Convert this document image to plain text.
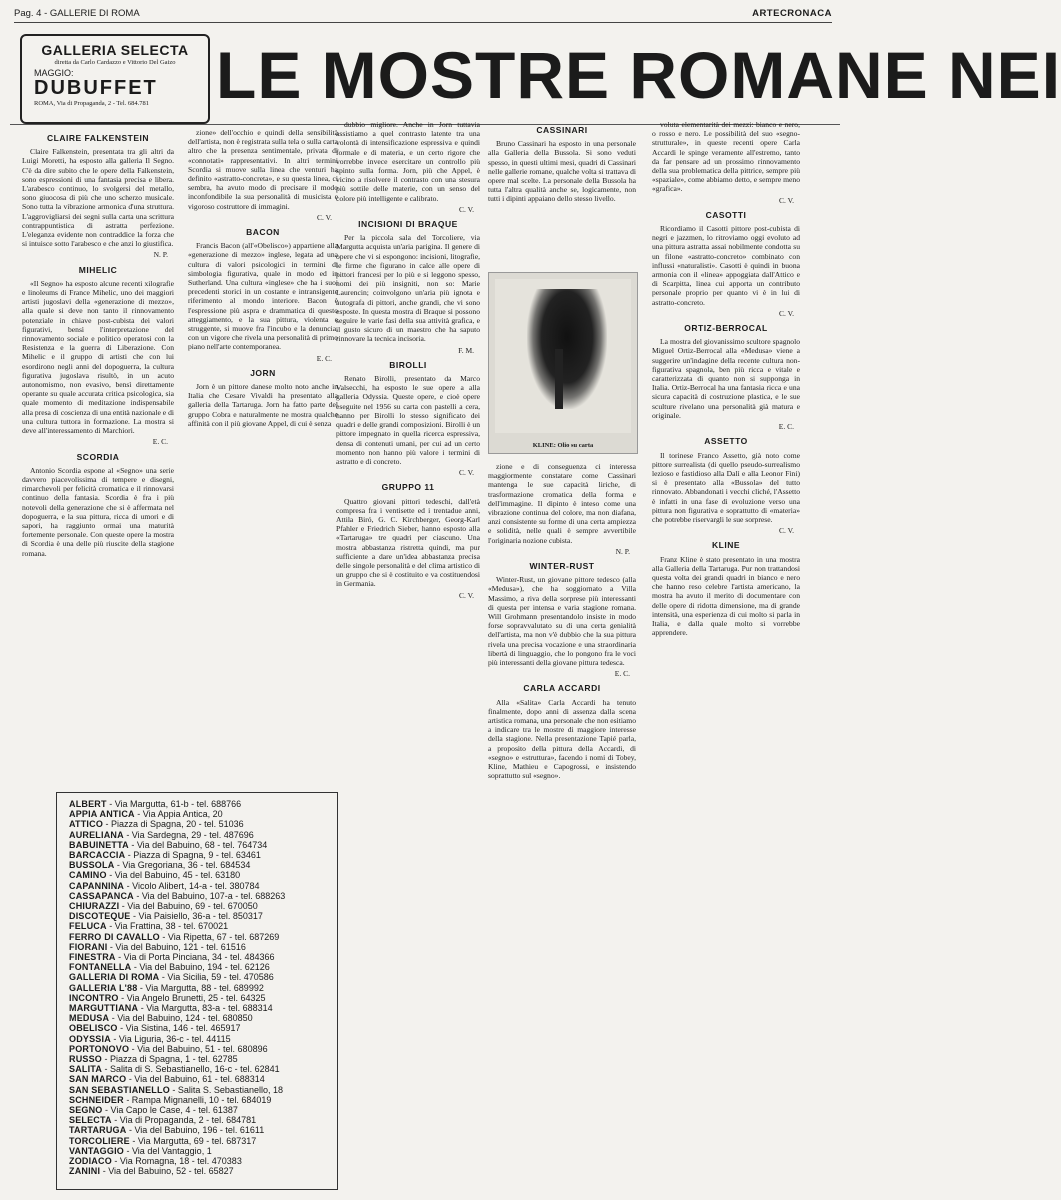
Pag. 4 - GALLERIE DI ROMA	ARTECRONACA
GALLERIA SELECTA
diretta da Carlo Cardazzo e Vittorio Del Gaizo
MAGGIO:
DUBUFFET
ROMA, Via di Propaganda, 2 - Tel. 684.781	LE MOSTRE ROMANE NEI
CLAIRE FALKENSTEIN

Claire Falkenstein, presentata tra gli altri da Luigi Moretti, ha esposto alla galleria Il Segno. C'è da dire subito che le opere della Falkenstein, sono espressioni di una fantasia precisa e libera. L'arabesco continuo, lo svolgersi del metallo, sono giuocosa di più che uno scherzo musicale. Sono tutta la vibrazione armonica d'una struttura. L'aggrovigliarsi dei segni sulla carta una scrittura contrappuntistica di astratta perfezione. L'eleganza evidente non contraddice la forza che si intuisce sotto l'arabesco e che anzi lo giustifica.

N. P.
MIHELIC

«Il Segno» ha esposto alcune recenti xilografie e linoleums di France Mihelic, uno dei maggiori artisti jugoslavi della «generazione di mezzo», alla quale si deve non tanto il rinnovamento potenziale in chiave post-cubista dei valori figurativi, bensì l'interpretazione del rinnovamento sociale e politico operatosi con la Resistenza e la guerra di Liberazione. Con Mihelic e il gruppo di artisti che con lui esordirono negli anni del dopoguerra, la cultura figurativa jugoslava risultò, in un acuto autonomismo, non evasivo, bensì direttamente operante su quale accurata critica psicologica, sia quale momento di meditazione indispensabile alla presa di coscienza di una entità nazionale e di una cultura tuttora in formazione. La mostra si deve all'interessamento di Marchiori.

E. C.
SCORDIA

Antonio Scordia espone al «Segno» una serie davvero piacevolissima di tempere e disegni, rimarchevoli per felicità cromatica e il rinnovarsi continuo della fantasia. Scordia è fra i più notevoli della generazione che si è affermata nel dopoguerra, e la sua pittura, ricca di umori e di sapori, ha raggiunto ormai una maturità fortemente personale. Con queste opere la mostra di Scordia è una delle più riuscite della stagione romana.

zione» dell'occhio e quindi della sensibilità dell'artista, non è registrata sulla tela o sulla carta altro che la presenza sentimentale, privata di «connotati» rappresentativi. In altri termini Scordia si muove sulla linea che venturi ha definito «astratto-concreta», e su questa linea, ci sembra, ha avuto modo di precisare il modo inconfondibile la sua personalità di musicista e vigoroso costruttore di immagini.

C. V.
BACON

Francis Bacon (all'«Obelisco») appartiene alla «generazione di mezzo» inglese, legata ad una cultura di valori psicologici in termini di simbologia figurativa, quale in modo ed in Sutherland. Una cultura «inglese» che ha i suoi precedenti storici in un costante e intransigente riferimento al mondo interiore. Bacon è l'espressione più aspra e drammatica di questo atteggiamento, e la sua pittura, violenta e struggente, si muove fra l'incubo e la denuncia, con un vigore che rivela una personalità di primo piano nell'arte contemporanea.

E. C.
JORN

Jorn è un pittore danese molto noto anche in Italia che Cesare Vivaldi ha presentato alla galleria della Tartaruga. Jorn ha fatto parte del gruppo Cobra e naturalmente ne mostra qualche affinità con il più giovane Appel, di cui è senza

dubbio migliore. Anche in Jorn tuttavia assistiamo a quel contrasto latente tra una volontà di intensificazione espressiva e quindi formale e di materia, e un certo rigore che vorrebbe invece esercitare un controllo più spinto sulla forma. Jorn, più che Appel, è vicino a risolvere il contrasto con una stesura più sottile delle materie, con un senso del colore più intelligente e calibrato.

C. V.
INCISIONI DI BRAQUE

Per la piccola sala del Torcoliere, via Margutta acquista un'aria parigina. Il genere di opere che vi si espongono: incisioni, litografie, le firme che figurano in calce alle opere di pittori francesi per lo più e si leggono spesso, nomi dei più insigniti, non so: Marie Laurencin; coinvolgono un'aria più ignota e autografa di pittori, anche grandi, che vi sono esposte. In questa mostra di Braque si possono seguire le varie fasi della sua attività grafica, e il gusto sicuro di un maestro che ha saputo rinnovare la tecnica incisoria.

F. M.
BIROLLI

Renato Birolli, presentato da Marco Valsecchi, ha esposto le sue opere a alla galleria Odyssia. Queste opere, e cioè opere eseguite nel 1956 su carta con pastelli a cera, hanno per Birolli lo stesso significato dei quadri e delle grandi composizioni. Birolli è un pittore impegnato in quella ricerca espressiva, densa di contenuti umani, per cui ad un certo momento non hanno più valore i termini di astratto e di concreto.

C. V.
GRUPPO 11

Quattro giovani pittori tedeschi, dall'età compresa fra i ventisette ed i trentadue anni, Attila Biró, G. C. Kirchberger, Georg-Karl Pfahler e Friedrich Sieber, hanno esposto alla «Tartaruga» tre quadri per ciascuno. Una mostra abbastanza ristretta quindi, ma pur sufficiente a dare un'idea abbastanza precisa delle singole personalità e del clima artistico di un gruppo che si è costituito e va costituendosi in Germania.

C. V.
CASSINARI

Bruno Cassinari ha esposto in una personale alla Galleria della Bussola. Si sono veduti spesso, in questi ultimi mesi, quadri di Cassinari nelle gallerie romane, qualche volta si trattava di opere mal scelte. La personale della Bussola ha tutta l'altra qualità anche se, logicamente, non tutti i dipinti appaiano dello stesso livello.

KLINE: Olio su carta

zione e di conseguenza ci interessa maggiormente constatare come Cassinari mantenga le sue capacità liriche, di trasformazione cromatica della forma e dell'immagine. Il dipinto è inteso come una vibrazione continua del colore, ma non diafana, anzi consistente su forme di una certa ampiezza e solidità, nelle quali è sempre avvertibile l'originaria nozione cubista.

N. P.
WINTER-RUST

Winter-Rust, un giovane pittore tedesco (alla «Medusa»), che ha soggiornato a Villa Massimo, a riva della sorprese più interessanti di questa per intensa e varia stagione romana. Will Grohmann presentandolo insiste in modo forse sopravvalutato su di una certa genialità dell'artista, ma non v'è dubbio che la sua pittura rivela una precisa vocazione e una straordinaria libertà di linguaggio, che lo pongono fra le voci più interessanti della giovane pittura tedesca.

E. C.
CARLA ACCARDI

Alla «Salita» Carla Accardi ha tenuto finalmente, dopo anni di assenza dalla scena artistica romana, una personale che non esitiamo a indicare tra le mostre di maggiore interesse della stagione. Nella presentazione Tapié parla, a proposito della pittura della Accardi, di «segno» e «struttura», facendo i nomi di Tobey, Kline, Mathieu e Capogrossi, e insistendo soprattutto sul «segno».

voluta elementarità dei mezzi: bianco e nero, o rosso e nero. Le possibilità del suo «segno-strutturale», in queste recenti opere Carla Accardi le spinge veramente all'estremo, tanto da far pensare ad un prossimo rinnovamento della sua problematica della pittrice, sempre più «spaziale», come abbiamo detto, e sempre meno «grafica».

C. V.
CASOTTI

Ricordiamo il Casotti pittore post-cubista di negri e jazzmen, lo ritroviamo oggi evoluto ad una pittura astratta assai nobilmente condotta su un filone «astratto-concreto» combinato con influssi «naturalisti». Casotti è quindi in buona armonia con il «linea» appoggiata dall'Attico e di Scarpitta, linea cui apporta un contributo personale proprio per quanto vi è in lui di astratto-concreto.

C. V.
ORTIZ-BERROCAL

La mostra del giovanissimo scultore spagnolo Miguel Ortiz-Berrocal alla «Medusa» viene a suggerire un'indagine della recente cultura non-figurativa spagnola, ben più ricca e vitale e caratterizzata di quanto non si supponga in Italia. Ortiz-Berrocal ha una fantasia ricca e una sicura capacità di costruzione plastica, e le sue sculture rivelano una personalità già matura e originale.

E. C.
ASSETTO

Il torinese Franco Assetto, già noto come pittore surrealista (di quello pseudo-surrealismo lezioso e fastidioso alla Dalì e alla Leonor Fini) si è presentato alla «Bussola» del tutto rinnovato. Abbandonati i vecchi cliché, l'Assetto è infatti in una fase di evoluzione verso una pittura non figurativa e soprattutto di «materia» che potrebbe riservargli le sue sorprese.

C. V.
KLINE

Franz Kline è stato presentato in una mostra alla Galleria della Tartaruga. Pur non trattandosi questa volta dei grandi quadri in bianco e nero che hanno reso celebre l'artista americano, la mostra ha avuto il merito di documentare con delle opere di ridotta dimensione, ma di grande intensità, una esperienza di cui molto si parla in Italia, e dalla quale molto si vorrebbe apprendere.

ALBERT - Via Margutta, 61-b - tel. 688766
APPIA ANTICA - Via Appia Antica, 20
ATTICO - Piazza di Spagna, 20 - tel. 51036
AURELIANA - Via Sardegna, 29 - tel. 487696
BABUINETTA - Via del Babuino, 68 - tel. 764734
BARCACCIA - Piazza di Spagna, 9 - tel. 63461
BUSSOLA - Via Gregoriana, 36 - tel. 684534
CAMINO - Via del Babuino, 45 - tel. 63180
CAPANNINA - Vicolo Alibert, 14-a - tel. 380784
CASSAPANCA - Via del Babuino, 107-a - tel. 688263
CHIURAZZI - Via del Babuino, 69 - tel. 670050
DISCOTEQUE - Via Paisiello, 36-a - tel. 850317
FELUCA - Via Frattina, 38 - tel. 670021
FERRO DI CAVALLO - Via Ripetta, 67 - tel. 687269
FIORANI - Via del Babuino, 121 - tel. 61516
FINESTRA - Via di Porta Pinciana, 34 - tel. 484366
FONTANELLA - Via del Babuino, 194 - tel. 62126
GALLERIA DI ROMA - Via Sicilia, 59 - tel. 470586
GALLERIA L'88 - Via Margutta, 88 - tel. 689992
INCONTRO - Via Angelo Brunetti, 25 - tel. 64325
MARGUTTIANA - Via Margutta, 83-a - tel. 688314
MEDUSA - Via del Babuino, 124 - tel. 680850
OBELISCO - Via Sistina, 146 - tel. 465917
ODYSSIA - Via Liguria, 36-c - tel. 44115
PORTONOVO - Via del Babuino, 51 - tel. 680896
RUSSO - Piazza di Spagna, 1 - tel. 62785
SALITA - Salita di S. Sebastianello, 16-c - tel. 62841
SAN MARCO - Via del Babuino, 61 - tel. 688314
SAN SEBASTIANELLO - Salita S. Sebastianello, 18
SCHNEIDER - Rampa Mignanelli, 10 - tel. 684019
SEGNO - Via Capo le Case, 4 - tel. 61387
SELECTA - Via di Propaganda, 2 - tel. 684781
TARTARUGA - Via del Babuino, 196 - tel. 61611
TORCOLIERE - Via Margutta, 69 - tel. 687317
VANTAGGIO - Via del Vantaggio, 1
ZODIACO - Via Romagna, 18 - tel. 470383
ZANINI - Via del Babuino, 52 - tel. 65827
